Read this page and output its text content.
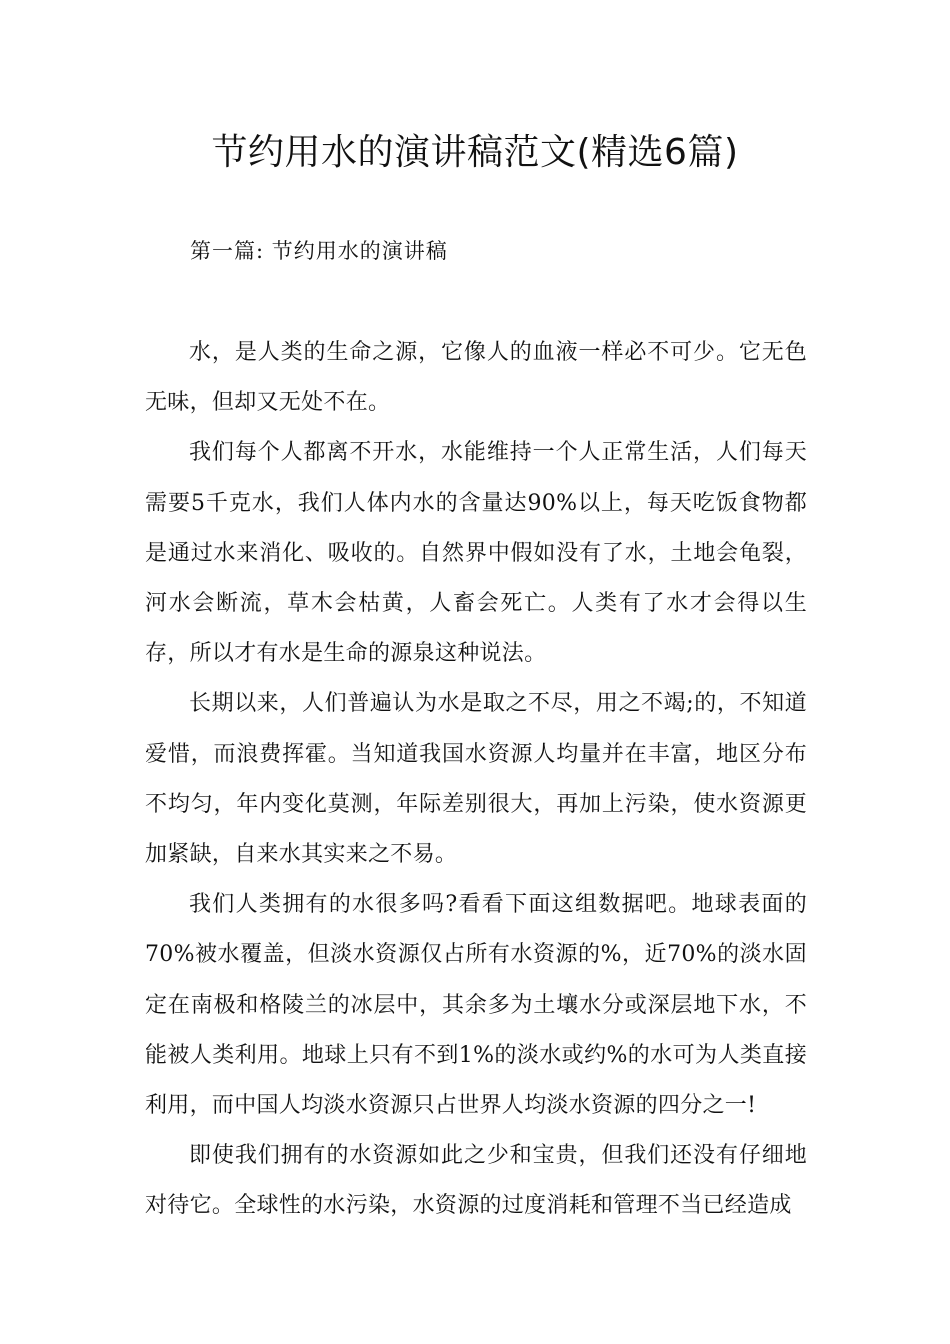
节约用水的演讲稿范文(精选6篇)

第一篇: 节约用水的演讲稿

水，是人类的生命之源，它像人的血液一样必不可少。它无色无味，但却又无处不在。

我们每个人都离不开水，水能维持一个人正常生活，人们每天需要5千克水，我们人体内水的含量达90%以上，每天吃饭食物都是通过水来消化、吸收的。自然界中假如没有了水，土地会龟裂，河水会断流，草木会枯黄，人畜会死亡。人类有了水才会得以生存，所以才有水是生命的源泉这种说法。

长期以来，人们普遍认为水是取之不尽，用之不竭;的，不知道爱惜，而浪费挥霍。当知道我国水资源人均量并在丰富，地区分布不均匀，年内变化莫测，年际差别很大，再加上污染，使水资源更加紧缺，自来水其实来之不易。

我们人类拥有的水很多吗?看看下面这组数据吧。地球表面的70%被水覆盖，但淡水资源仅占所有水资源的%，近70%的淡水固定在南极和格陵兰的冰层中，其余多为土壤水分或深层地下水，不能被人类利用。地球上只有不到1%的淡水或约%的水可为人类直接利用，而中国人均淡水资源只占世界人均淡水资源的四分之一!

即使我们拥有的水资源如此之少和宝贵，但我们还没有仔细地对待它。全球性的水污染，水资源的过度消耗和管理不当已经造成
